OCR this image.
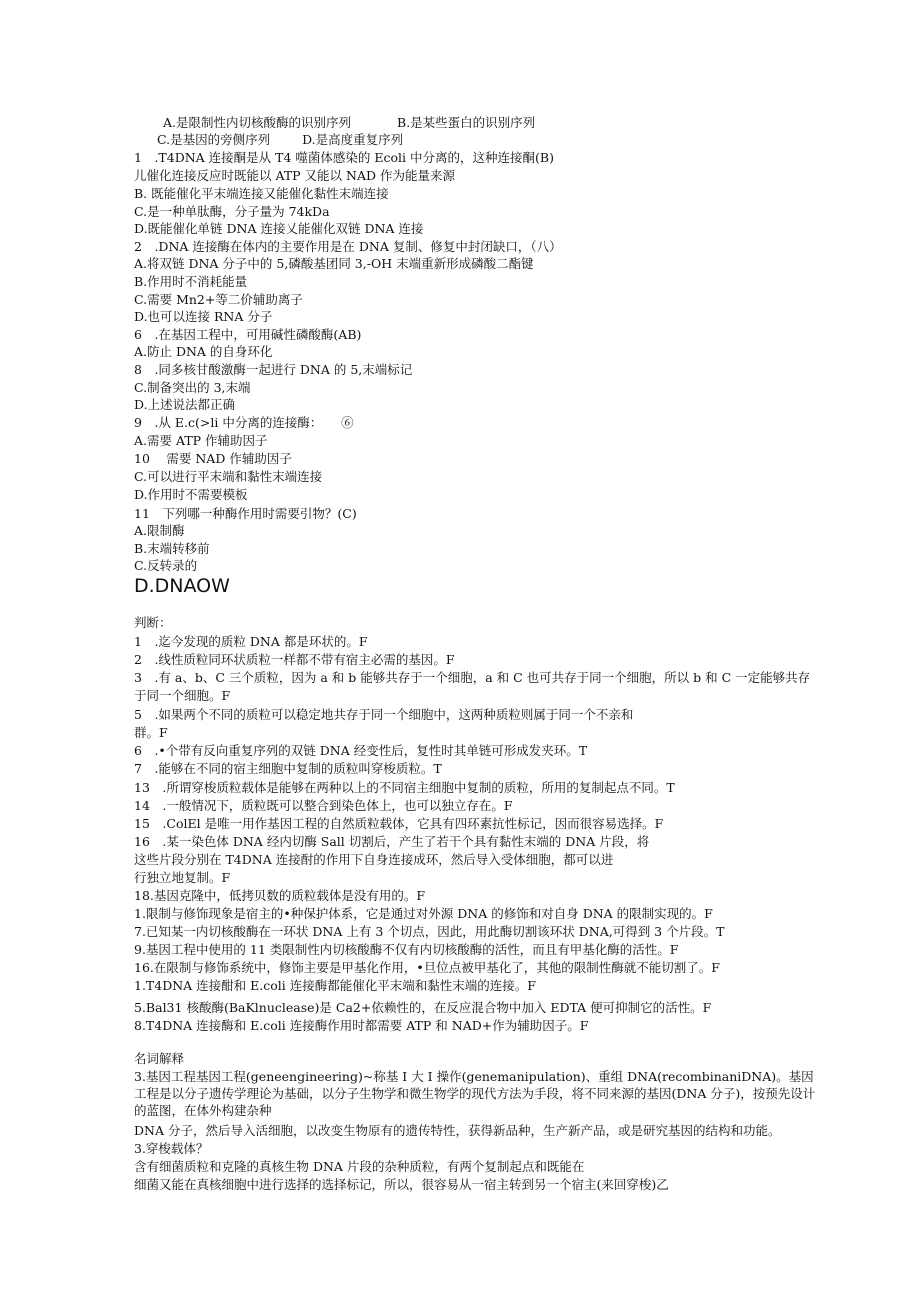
A.是限制性内切核酸酶的识别序列	B.是某些蛋白的识别序列
C.是基因的旁侧序列	D.是高度重复序列
1　.T4DNA 连接酮是从 T4 噬菌体感染的 Ecoli 中分离的，这种连接酮(B)
儿催化连接反应时既能以 ATP 又能以 NAD 作为能量来源
B. 既能催化平末端连接又能催化黏性末端连接
C.是一种单肽酶，分子量为 74kDa
D.既能催化单链 DNA 连接乂能催化双链 DNA 连接
2　.DNA 连接酶在体内的主要作用是在 DNA 复制、修复中封闭缺口，（八）
A.将双链 DNA 分子中的 5,磷酸基团同 3,-OH 末端重新形成磷酸二酯键
B.作用时不消耗能量
C.需要 Mn2+等二价辅助离子
D.也可以连接 RNA 分子
6　.在基因工程中，可用碱性磷酸酶(AB)
A.防止 DNA 的自身环化
8　.同多核甘酸激酶一起进行 DNA 的 5,末端标记
C.制备突出的 3,末端
D.上述说法都正确
9　.从 E.c(>li 中分离的连接酶：　　⑥
A.需要 ATP 作辅助因子
10　 需要 NAD 作辅助因子
C.可以进行平末端和黏性末端连接
D.作用时不需要模板
11　下列哪一种酶作用时需要引物？(C)
A.限制酶
B.末端转移前
C.反转录的
D.DNAOW
判断：
1　.迄今发现的质粒 DNA 都是环状的。F
2　.线性质粒同环状质粒一样都不带有宿主必需的基因。F
3　.有 a、b、C 三个质粒，因为 a 和 b 能够共存于一个细胞，a 和 C 也可共存于同一个细胞，所以 b 和 C 一定能够共存
于同一个细胞。F
5　.如果两个不同的质粒可以稳定地共存于同一个细胞中，这两种质粒则属于同一个不亲和
群。F
6　.•个带有反向重复序列的双链 DNA 经变性后，复性时其单链可形成发夹环。T
7　.能够在不同的宿主细胞中复制的质粒叫穿梭质粒。T
13　.所谓穿梭质粒载体是能够在两种以上的不同宿主细胞中复制的质粒，所用的复制起点不同。T
14　.一般情况下，质粒既可以整合到染色体上，也可以独立存在。F
15　.ColEl 是唯一用作基因工程的自然质粒载体，它具有四环素抗性标记，因而很容易选择。F
16　.某一染色体 DNA 经内切酶 Sall 切割后，产生了若干个具有黏性末端的 DNA 片段，将
这些片段分别在 T4DNA 连接酎的作用下自身连接成环，然后导入受体细胞，都可以进
行独立地复制。F
18.基因克隆中，低拷贝数的质粒载体是没有用的。F
1.限制与修饰现象是宿主的•种保护体系，它是通过对外源 DNA 的修饰和对自身 DNA 的限制实现的。F
7.已知某一内切核酸酶在一环状 DNA 上有 3 个切点，因此，用此酶切割该环状 DNA,可得到 3 个片段。T
9.基因工程中使用的 11 类限制性内切核酸酶不仅有内切核酸酶的活性，而且有甲基化酶的活性。F
16.在限制与修饰系统中，修饰主要是甲基化作用，•旦位点被甲基化了，其他的限制性酶就不能切割了。F
1.T4DNA 连接酣和 E.coli 连接酶都能催化平末端和黏性末端的连接。F
5.Bal31 核酸酶(BaKlnuclease)是 Ca2+依赖性的，在反应混合物中加入 EDTA 便可抑制它的活性。F
8.T4DNA 连接酶和 E.coli 连接酶作用时都需要 ATP 和 NAD+作为辅助因子。F
名词解释
3.基因工程基因工程(geneengineering)~称基 I 大 I 操作(genemanipulation)、重组 DNA(recombinaniDNA)。基因工程是以分子遗传学理论为基础，以分子生物学和微生物学的现代方法为手段，将不同来源的基因(DNA 分子)，按预先设计的蓝图，在体外构建杂种
DNA 分子，然后导入活细胞，以改变生物原有的遗传特性，获得新品种，生产新产品，或是研究基因的结构和功能。
3.穿梭载体？
含有细菌质粒和克隆的真核生物 DNA 片段的杂种质粒，有两个复制起点和既能在
细菌又能在真核细胞中进行选择的选择标记，所以，很容易从一宿主转到另一个宿主(来回穿梭)乙
